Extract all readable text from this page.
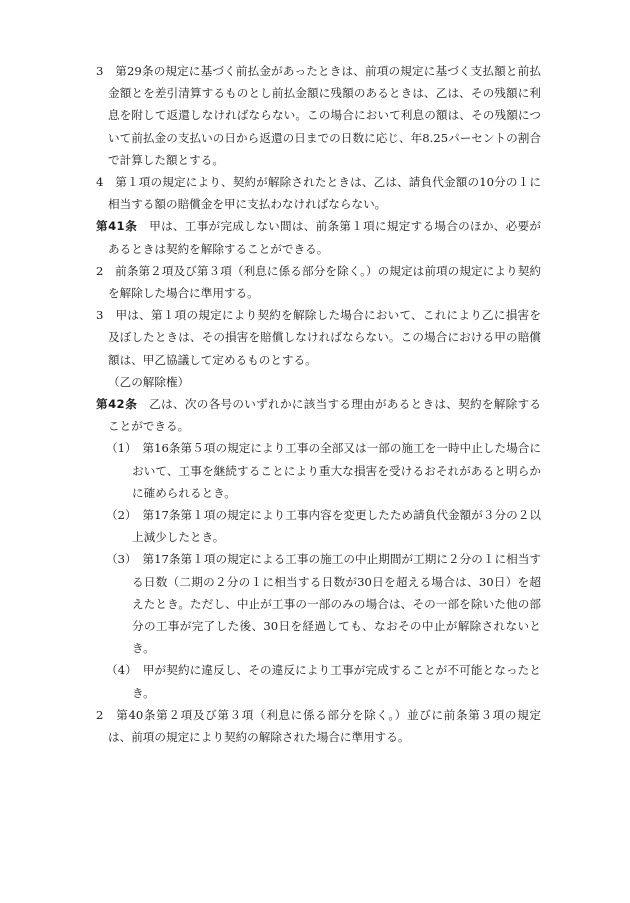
3　 第29条の規定に基づく前払金があったときは、前項の規定に基づく支払額と前払金額とを差引清算するものとし前払金額に残額のあるときは、乙は、その残額に利息を附して返還しなければならない。この場合において利息の額は、その残額について前払金の支払いの日から返還の日までの日数に応じ、年8.25パーセントの割合で計算した額とする。

4　 第１項の規定により、契約が解除されたときは、乙は、請負代金額の10分の１に相当する額の賠償金を甲に支払わなければならない。

第41条　 甲は、工事が完成しない間は、前条第１項に規定する場合のほか、必要があるときは契約を解除することができる。

2　 前条第２項及び第３項（利息に係る部分を除く。）の規定は前項の規定により契約を解除した場合に準用する。

3　 甲は、第１項の規定により契約を解除した場合において、これにより乙に損害を及ぼしたときは、その損害を賠償しなければならない。この場合における甲の賠償額は、甲乙協議して定めるものとする。

（乙の解除権）

第42条　 乙は、次の各号のいずれかに該当する理由があるときは、契約を解除することができる。

（1）　 第16条第５項の規定により工事の全部又は一部の施工を一時中止した場合において、工事を継続することにより重大な損害を受けるおそれがあると明らかに確められるとき。

（2）　 第17条第１項の規定により工事内容を変更したため請負代金額が３分の２以上減少したとき。

（3）　 第17条第１項の規定による工事の施工の中止期間が工期に２分の１に相当する日数（二期の２分の１に相当する日数が30日を超える場合は、30日）を超えたとき。ただし、中止が工事の一部のみの場合は、その一部を除いた他の部分の工事が完了した後、30日を経過しても、なおその中止が解除されないとき。

（4）　 甲が契約に違反し、その違反により工事が完成することが不可能となったとき。

2　 第40条第２項及び第３項（利息に係る部分を除く。）並びに前条第３項の規定は、前項の規定により契約の解除された場合に準用する。
